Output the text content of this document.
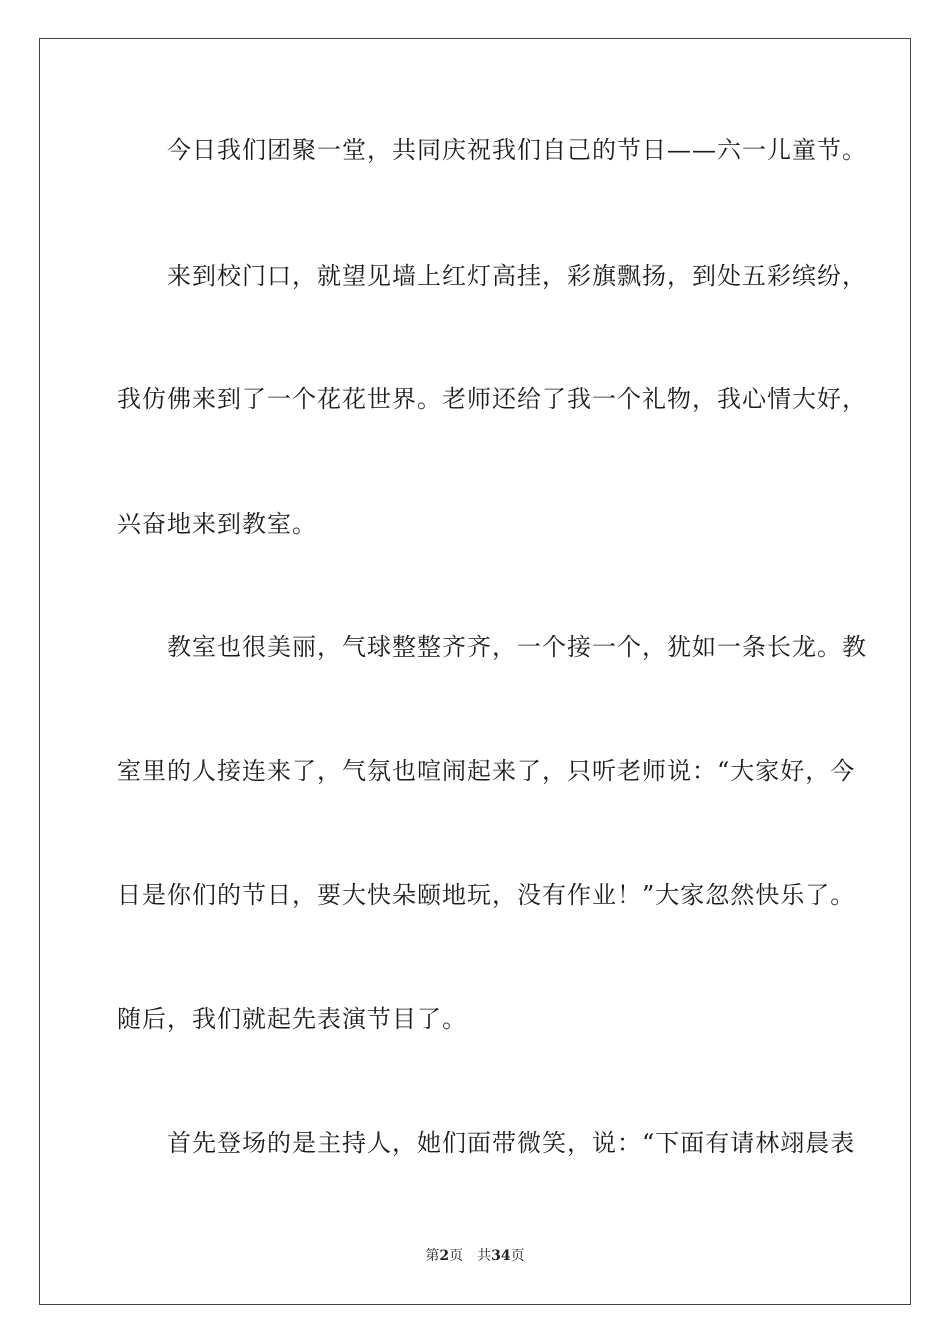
　　今日我们团聚一堂，共同庆祝我们自己的节日——六一儿童节。
　　来到校门口，就望见墙上红灯高挂，彩旗飘扬，到处五彩缤纷，
我仿佛来到了一个花花世界。老师还给了我一个礼物，我心情大好，
兴奋地来到教室。
　　教室也很美丽，气球整整齐齐，一个接一个，犹如一条长龙。教
室里的人接连来了，气氛也喧闹起来了，只听老师说：“大家好，今
日是你们的节日，要大快朵颐地玩，没有作业！”大家忽然快乐了。
随后，我们就起先表演节目了。
　　首先登场的是主持人，她们面带微笑，说：“下面有请林翊晨表
第2页 共34页
